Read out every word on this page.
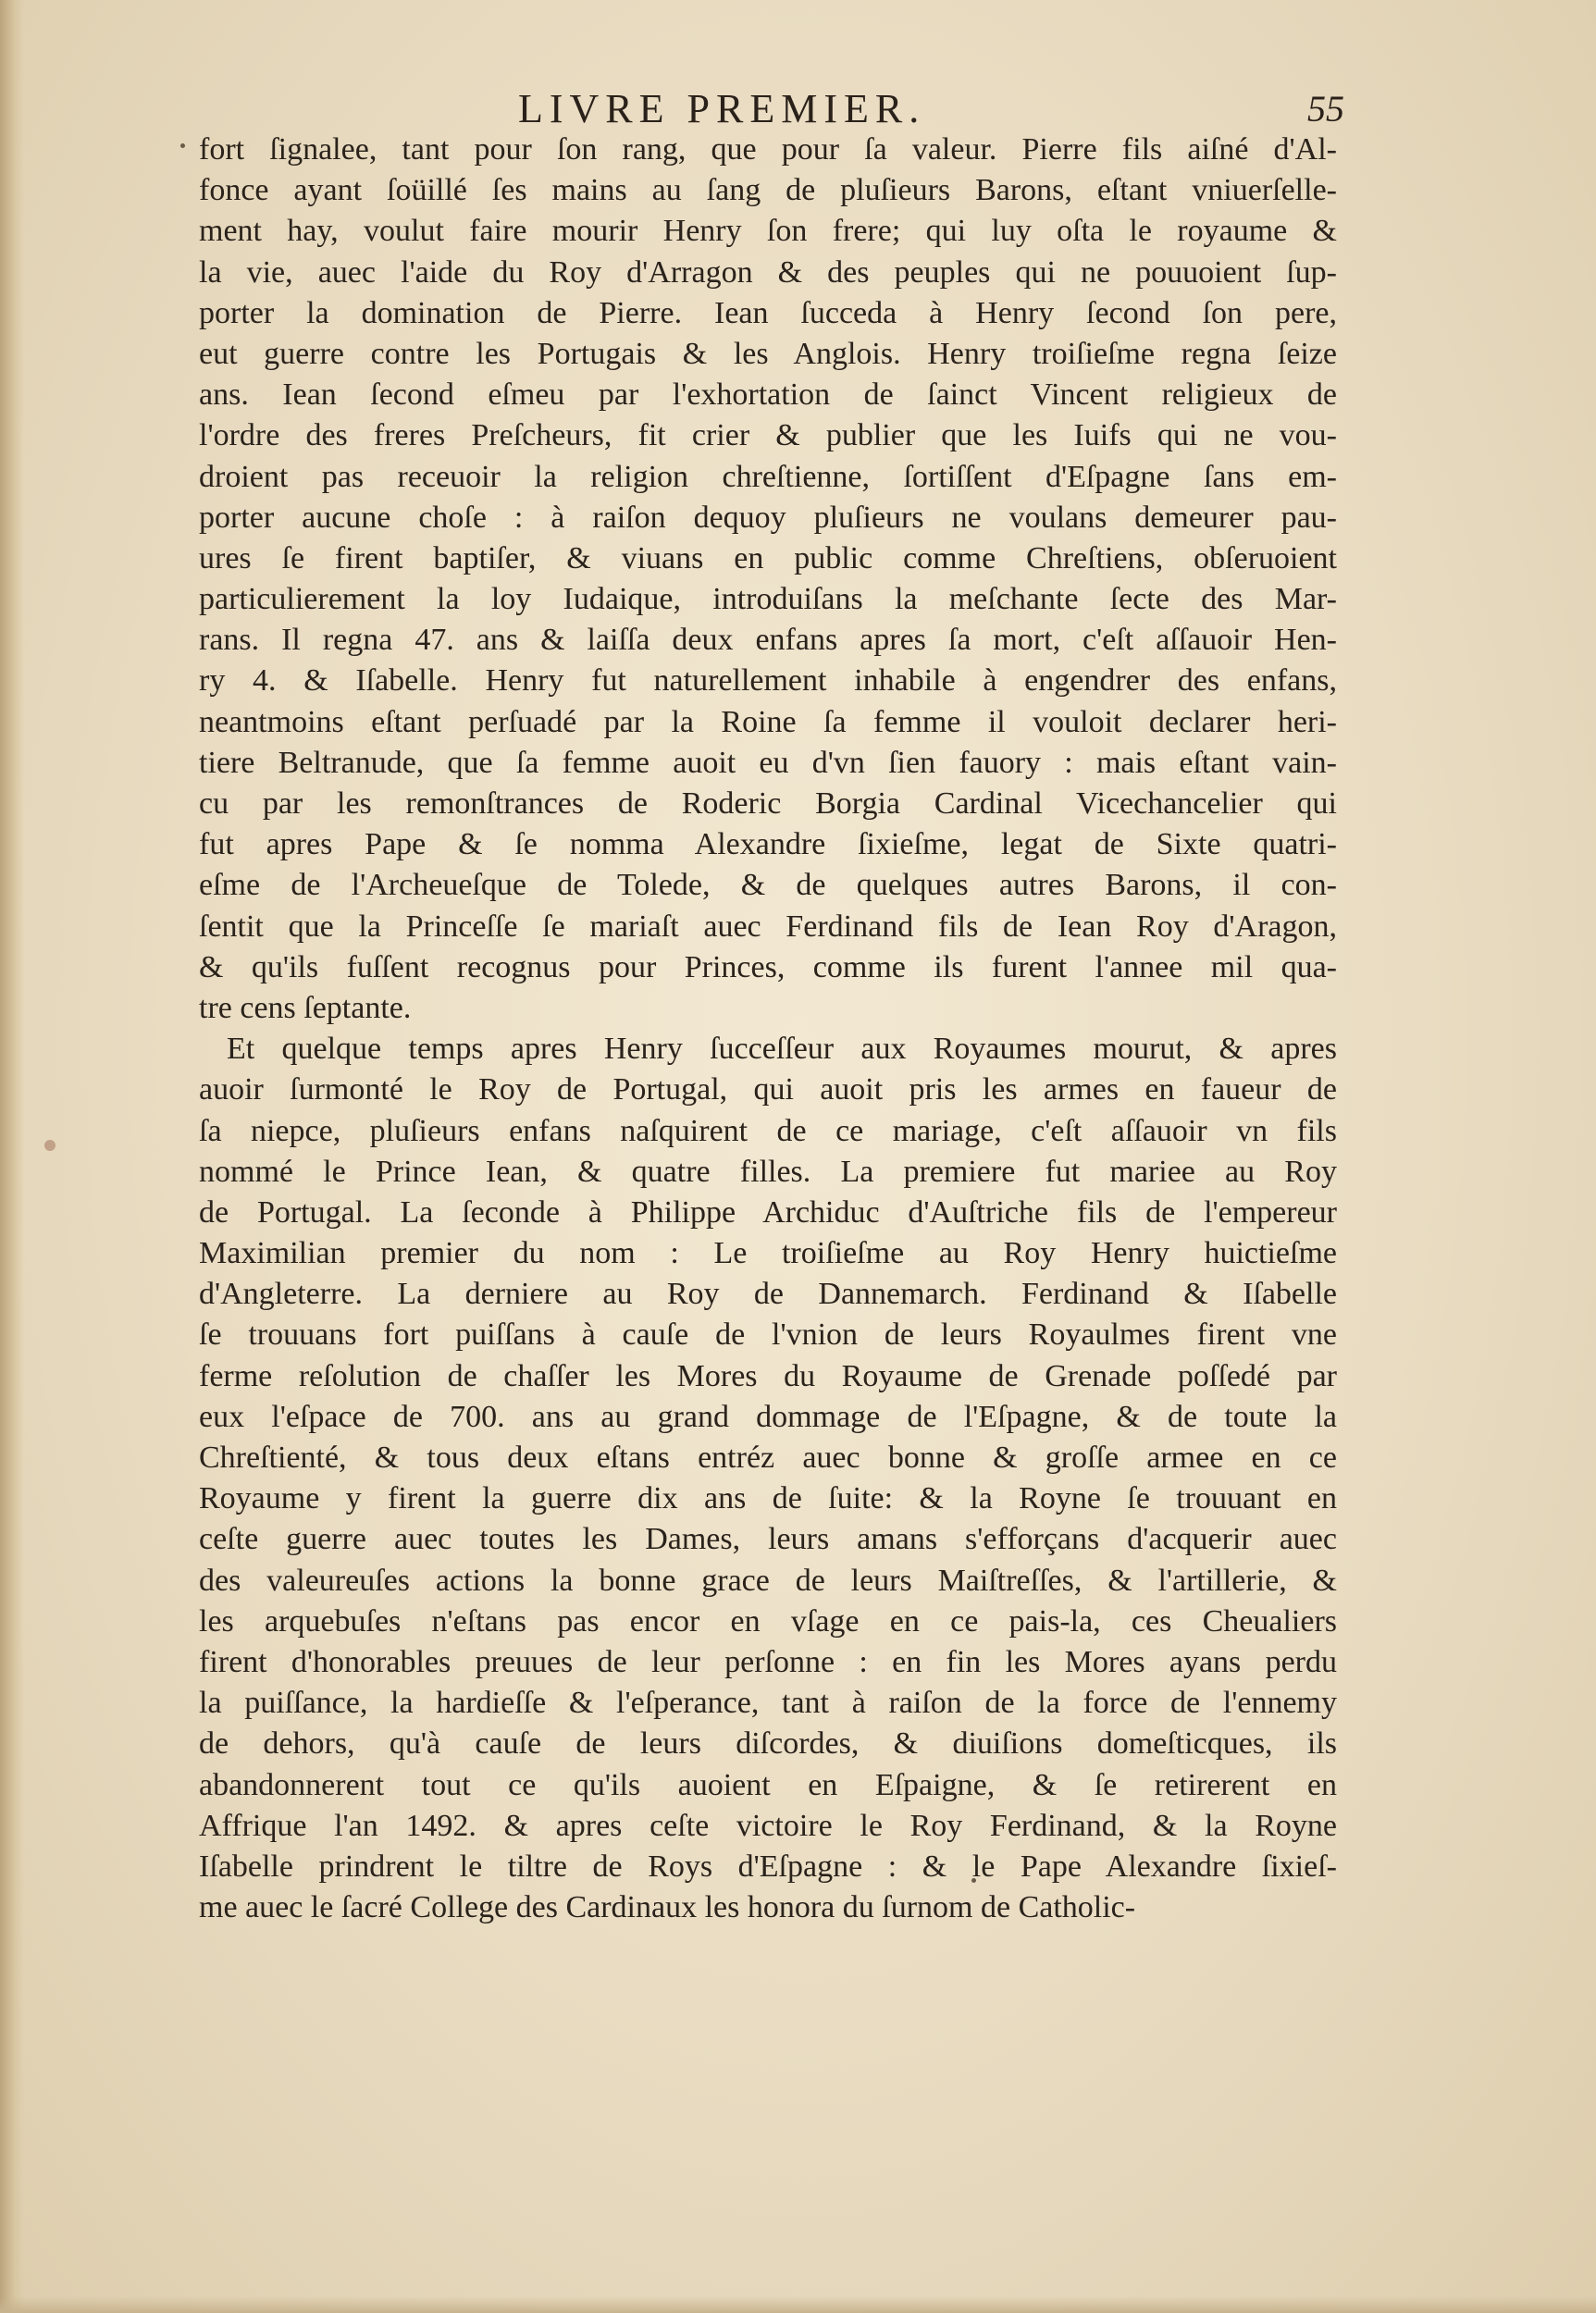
LIVRE PREMIER.	55
fort ſignalee, tant pour ſon rang, que pour ſa valeur. Pierre fils aiſné d'Al-
fonce ayant ſoüillé ſes mains au ſang de pluſieurs Barons, eſtant vniuerſelle-
ment hay, voulut faire mourir Henry ſon frere; qui luy oſta le royaume &
la vie, auec l'aide du Roy d'Arragon & des peuples qui ne pouuoient ſup-
porter la domination de Pierre. Iean ſucceda à Henry ſecond ſon pere,
eut guerre contre les Portugais & les Anglois. Henry troiſieſme regna ſeize
ans. Iean ſecond eſmeu par l'exhortation de ſainct Vincent religieux de
l'ordre des freres Preſcheurs, fit crier & publier que les Iuifs qui ne vou-
droient pas receuoir la religion chreſtienne, ſortiſſent d'Eſpagne ſans em-
porter aucune choſe : à raiſon dequoy pluſieurs ne voulans demeurer pau-
ures ſe firent baptiſer, & viuans en public comme Chreſtiens, obſeruoient
particulierement la loy Iudaique, introduiſans la meſchante ſecte des Mar-
rans. Il regna 47. ans & laiſſa deux enfans apres ſa mort, c'eſt aſſauoir Hen-
ry 4. & Iſabelle. Henry fut naturellement inhabile à engendrer des enfans,
neantmoins eſtant perſuadé par la Roine ſa femme il vouloit declarer heri-
tiere Beltranude, que ſa femme auoit eu d'vn ſien fauory : mais eſtant vain-
cu par les remonſtrances de Roderic Borgia Cardinal Vicechancelier qui
fut apres Pape & ſe nomma Alexandre ſixieſme, legat de Sixte quatri-
eſme de l'Archeueſque de Tolede, & de quelques autres Barons, il con-
ſentit que la Princeſſe ſe mariaſt auec Ferdinand fils de Iean Roy d'Aragon,
& qu'ils fuſſent recognus pour Princes, comme ils furent l'annee mil qua-
tre cens ſeptante.
Et quelque temps apres Henry ſucceſſeur aux Royaumes mourut, & apres
auoir ſurmonté le Roy de Portugal, qui auoit pris les armes en faueur de
ſa niepce, pluſieurs enfans naſquirent de ce mariage, c'eſt aſſauoir vn fils
nommé le Prince Iean, & quatre filles. La premiere fut mariee au Roy
de Portugal. La ſeconde à Philippe Archiduc d'Auſtriche fils de l'empereur
Maximilian premier du nom : Le troiſieſme au Roy Henry huictieſme
d'Angleterre. La derniere au Roy de Dannemarch. Ferdinand & Iſabelle
ſe trouuans fort puiſſans à cauſe de l'vnion de leurs Royaulmes firent vne
ferme reſolution de chaſſer les Mores du Royaume de Grenade poſſedé par
eux l'eſpace de 700. ans au grand dommage de l'Eſpagne, & de toute la
Chreſtienté, & tous deux eſtans entréz auec bonne & groſſe armee en ce
Royaume y firent la guerre dix ans de ſuite: & la Royne ſe trouuant en
ceſte guerre auec toutes les Dames, leurs amans s'efforçans d'acquerir auec
des valeureuſes actions la bonne grace de leurs Maiſtreſſes, & l'artillerie, &
les arquebuſes n'eſtans pas encor en vſage en ce pais-la, ces Cheualiers
firent d'honorables preuues de leur perſonne : en fin les Mores ayans perdu
la puiſſance, la hardieſſe & l'eſperance, tant à raiſon de la force de l'ennemy
de dehors, qu'à cauſe de leurs diſcordes, & diuiſions domeſticques, ils
abandonnerent tout ce qu'ils auoient en Eſpaigne, & ſe retirerent en
Affrique l'an 1492. & apres ceſte victoire le Roy Ferdinand, & la Royne
Iſabelle prindrent le tiltre de Roys d'Eſpagne : & le Pape Alexandre ſixieſ-
me auec le ſacré College des Cardinaux les honora du ſurnom de Catholic-
